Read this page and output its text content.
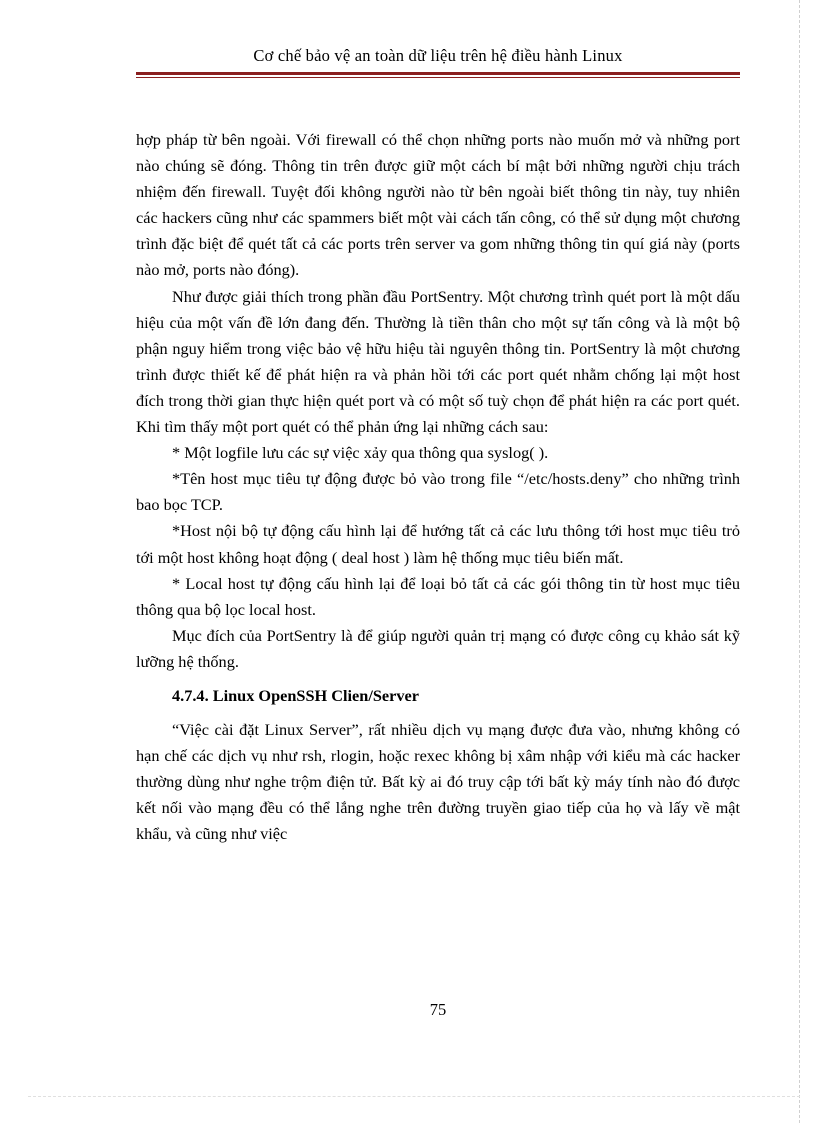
Cơ chế bảo vệ an toàn dữ liệu trên hệ điều hành Linux

hợp pháp từ bên ngoài. Với firewall có thể chọn những ports nào muốn mở và những port nào chúng sẽ đóng. Thông tin trên được giữ một cách bí mật bởi những người chịu trách nhiệm đến firewall. Tuyệt đối không người nào từ bên ngoài biết thông tin này, tuy nhiên các hackers cũng như các spammers biết một vài cách tấn công, có thể sử dụng một chương trình đặc biệt để quét tất cả các ports trên server va gom những thông tin quí giá này (ports nào mở, ports nào đóng).

Như được giải thích trong phần đầu PortSentry. Một chương trình quét port là một dấu hiệu của một vấn đề lớn đang đến. Thường là tiền thân cho một sự tấn công và là một bộ phận nguy hiểm trong việc bảo vệ hữu hiệu tài nguyên thông tin. PortSentry là một chương trình được thiết kế để phát hiện ra và phản hồi tới các port quét nhằm chống lại một host đích trong thời gian thực hiện quét port và có một số tuỳ chọn để phát hiện ra các port quét. Khi tìm thấy một port quét có thể phản ứng lại những cách sau:

* Một logfile lưu các sự việc xảy qua thông qua syslog( ).

*Tên host mục tiêu tự động được bỏ vào trong file “/etc/hosts.deny” cho những trình bao bọc TCP.

*Host nội bộ tự động cấu hình lại để hướng tất cả các lưu thông tới host mục tiêu trỏ tới một host không hoạt động ( deal host ) làm hệ thống mục tiêu biến mất.

* Local host tự động cấu hình lại để loại bỏ tất cả các gói thông tin từ host mục tiêu thông qua bộ lọc local host.

Mục đích của PortSentry là để giúp người quản trị mạng có được công cụ khảo sát kỹ lưỡng hệ thống.

4.7.4. Linux OpenSSH Clien/Server

“Việc cài đặt Linux Server”, rất nhiều dịch vụ mạng được đưa vào, nhưng không có hạn chế các dịch vụ như rsh, rlogin, hoặc rexec không bị xâm nhập với kiểu mà các hacker thường dùng như nghe trộm điện tử. Bất kỳ ai đó truy cập tới bất kỳ máy tính nào đó được kết nối vào mạng đều có thể lắng nghe trên đường truyền giao tiếp của họ và lấy về mật khẩu, và cũng như việc

75
